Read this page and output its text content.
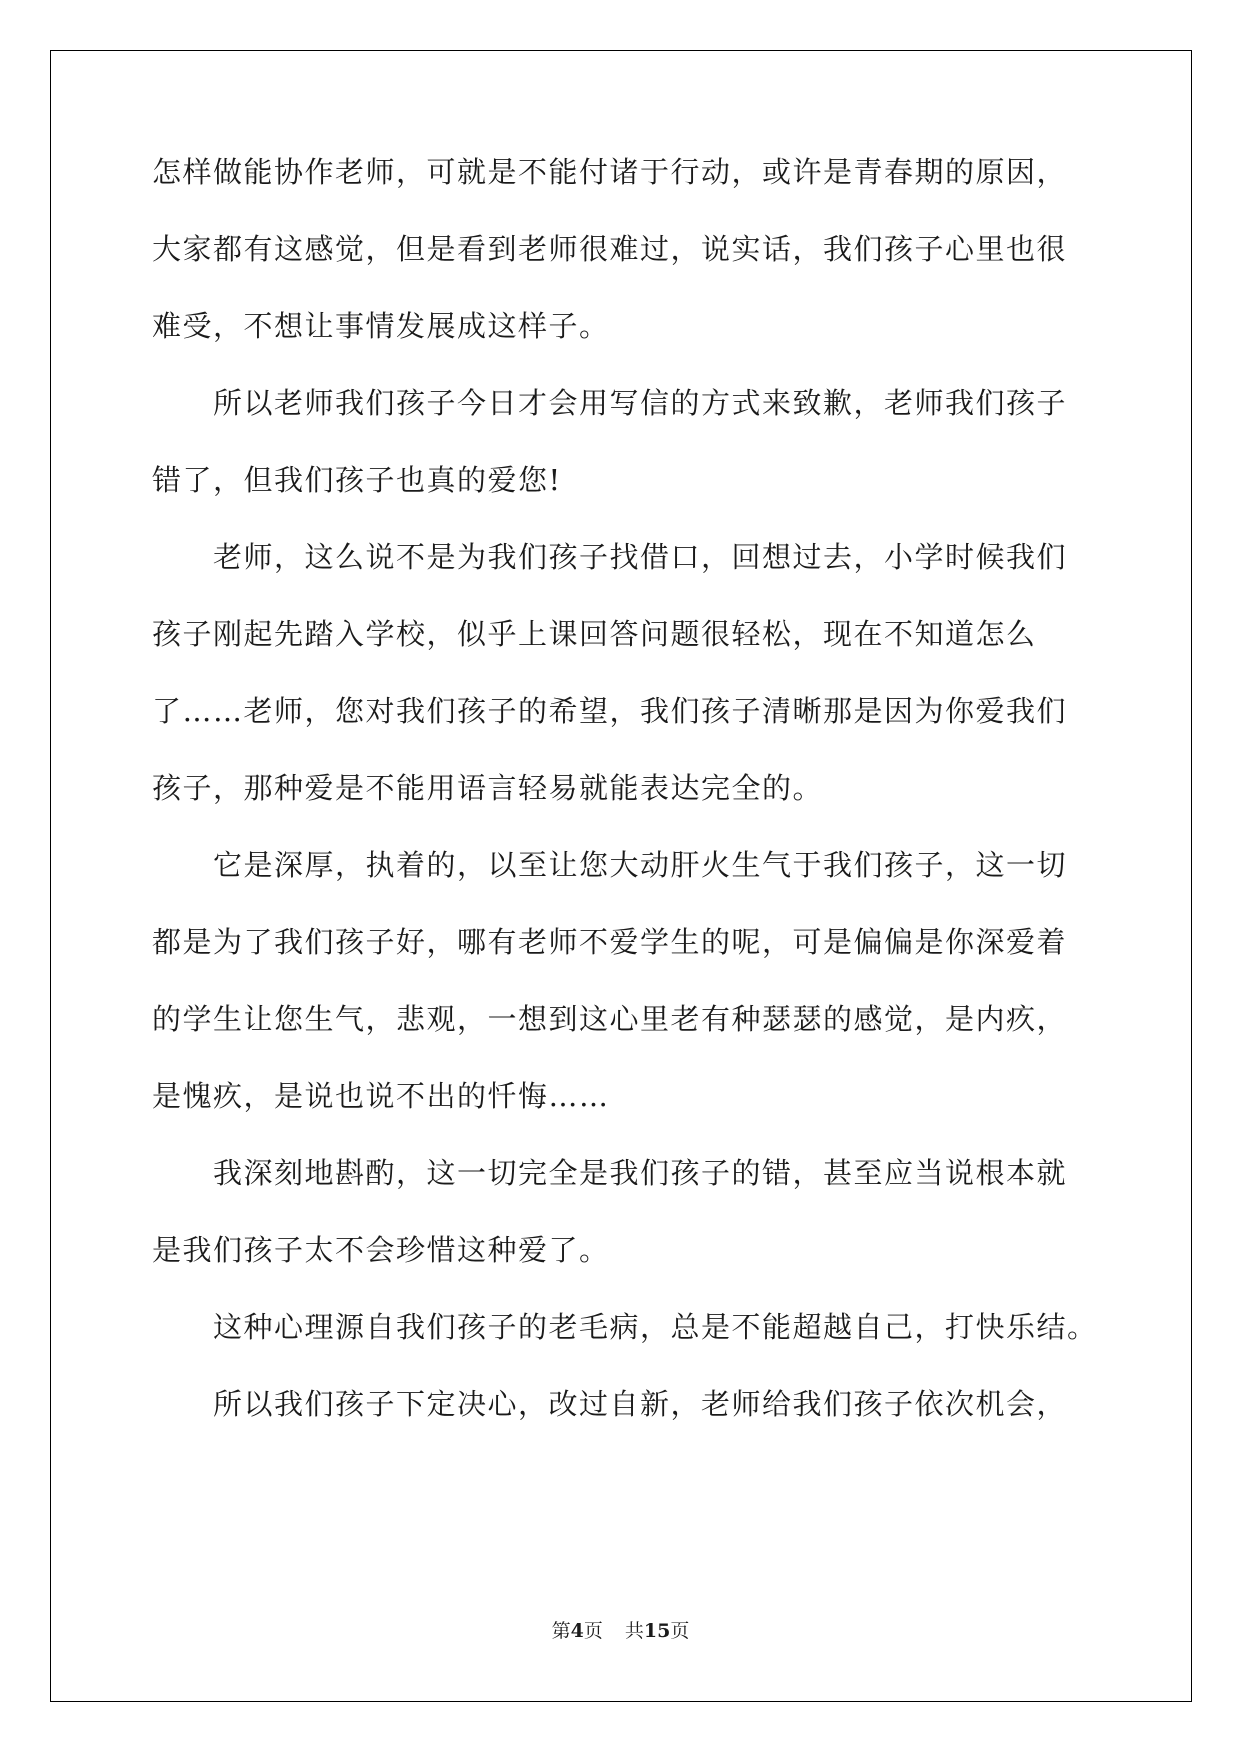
怎样做能协作老师，可就是不能付诸于行动，或许是青春期的原因，
大家都有这感觉，但是看到老师很难过，说实话，我们孩子心里也很
难受，不想让事情发展成这样子。
所以老师我们孩子今日才会用写信的方式来致歉，老师我们孩子
错了，但我们孩子也真的爱您!
老师，这么说不是为我们孩子找借口，回想过去，小学时候我们
孩子刚起先踏入学校，似乎上课回答问题很轻松，现在不知道怎么
了……老师，您对我们孩子的希望，我们孩子清晰那是因为你爱我们
孩子，那种爱是不能用语言轻易就能表达完全的。
它是深厚，执着的，以至让您大动肝火生气于我们孩子，这一切
都是为了我们孩子好，哪有老师不爱学生的呢，可是偏偏是你深爱着
的学生让您生气，悲观，一想到这心里老有种瑟瑟的感觉，是内疚，
是愧疚，是说也说不出的忏悔……
我深刻地斟酌，这一切完全是我们孩子的错，甚至应当说根本就
是我们孩子太不会珍惜这种爱了。
这种心理源自我们孩子的老毛病，总是不能超越自己，打快乐结。
所以我们孩子下定决心，改过自新，老师给我们孩子依次机会，
第4页 共15页
